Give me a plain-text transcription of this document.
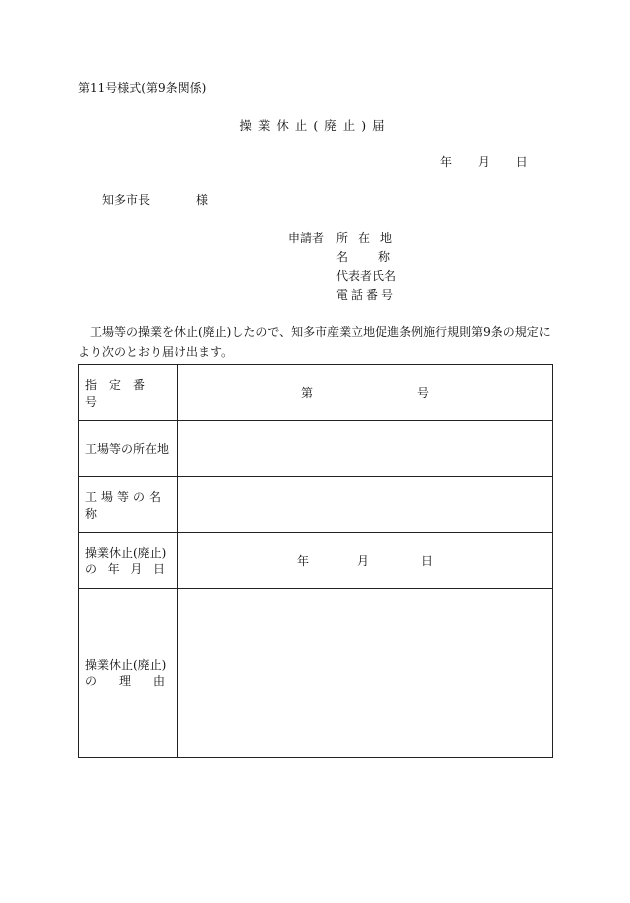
第11号様式(第9条関係)
操業休止(廃止)届
年 月 日
知多市長	様
申請者 所在地
名称
代表者氏名
電話番号
工場等の操業を休止(廃止)したので、知多市産業立地促進条例施行規則第9条の規定により次のとおり届け出ます。
指定番号	第 号
工場等の所在地	
工場等の名称	

操業休止(廃止)
の 年 月 日	年 月 日

操業休止(廃止)
の 理 由	
